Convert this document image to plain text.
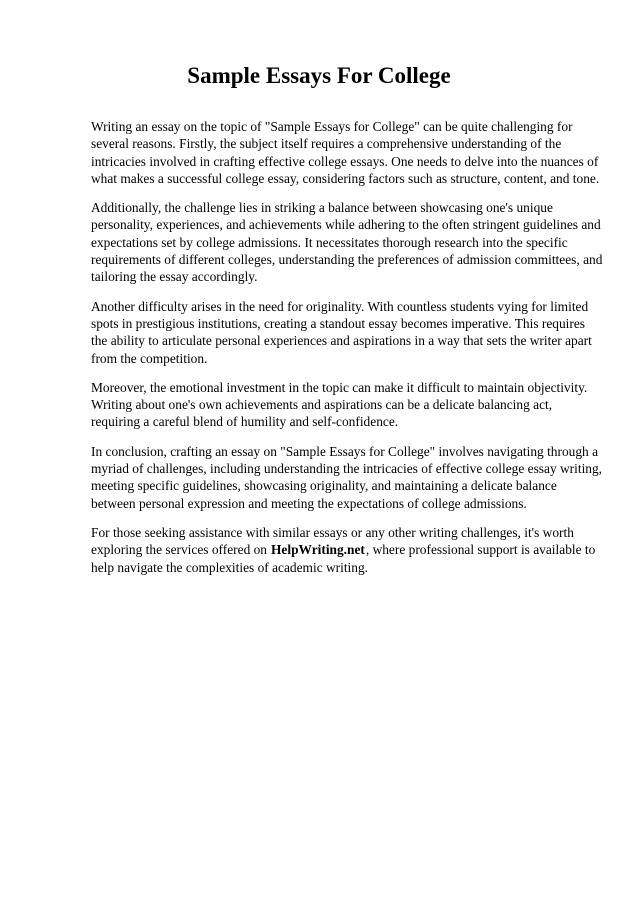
Sample Essays For College

Writing an essay on the topic of "Sample Essays for College" can be quite challenging for several reasons. Firstly, the subject itself requires a comprehensive understanding of the intricacies involved in crafting effective college essays. One needs to delve into the nuances of what makes a successful college essay, considering factors such as structure, content, and tone.

Additionally, the challenge lies in striking a balance between showcasing one's unique personality, experiences, and achievements while adhering to the often stringent guidelines and expectations set by college admissions. It necessitates thorough research into the specific requirements of different colleges, understanding the preferences of admission committees, and tailoring the essay accordingly.

Another difficulty arises in the need for originality. With countless students vying for limited spots in prestigious institutions, creating a standout essay becomes imperative. This requires the ability to articulate personal experiences and aspirations in a way that sets the writer apart from the competition.

Moreover, the emotional investment in the topic can make it difficult to maintain objectivity. Writing about one's own achievements and aspirations can be a delicate balancing act, requiring a careful blend of humility and self-confidence.

In conclusion, crafting an essay on "Sample Essays for College" involves navigating through a myriad of challenges, including understanding the intricacies of effective college essay writing, meeting specific guidelines, showcasing originality, and maintaining a delicate balance between personal expression and meeting the expectations of college admissions.

For those seeking assistance with similar essays or any other writing challenges, it's worth exploring the services offered on HelpWriting.net, where professional support is available to help navigate the complexities of academic writing.
